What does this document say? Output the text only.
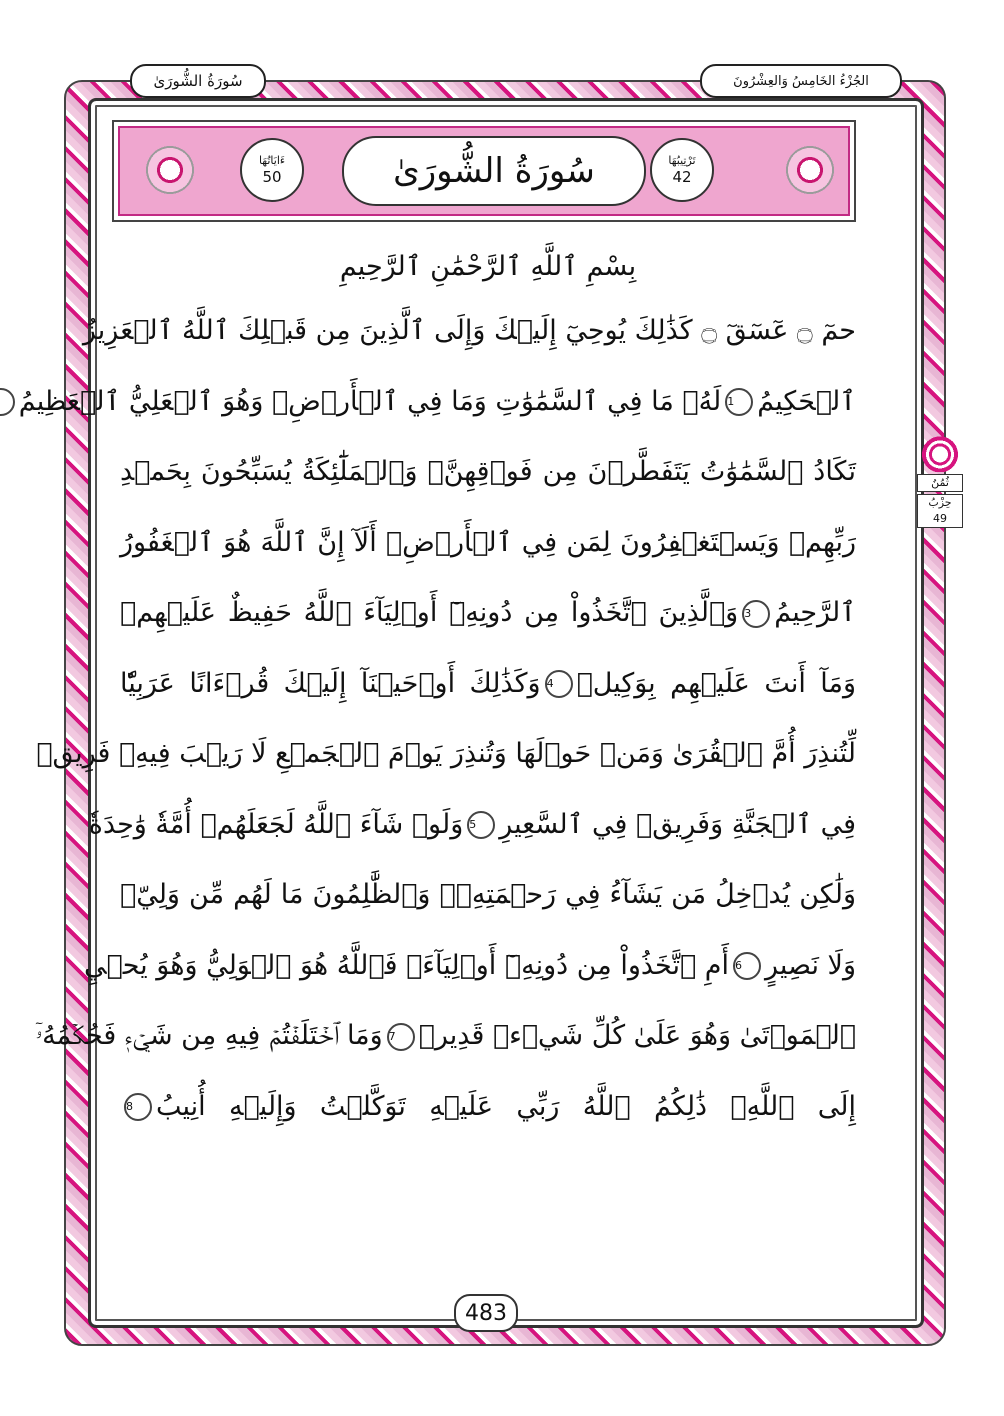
سُورَةُ الشُّورَىٰ	الجُزْءُ الخَامِسُ وَالعِشْرُونَ
ءَايَاتُهَا
50	سُورَةُ الشُّورَىٰ	تَرْتِيبُهَا
42
بِسْمِ ٱللَّهِ ٱلرَّحْمَٰنِ ٱلرَّحِيمِ
حمٓ ۝ عٓسٓقٓ ۝ كَذَٰلِكَ يُوحِيٓ إِلَيۡكَ وَإِلَى ٱلَّذِينَ مِن قَبۡلِكَ ٱللَّهُ ٱلۡعَزِيزُ
ٱلۡحَكِيمُ1لَهُۥ مَا فِي ٱلسَّمَٰوَٰتِ وَمَا فِي ٱلۡأَرۡضِۖ وَهُوَ ٱلۡعَلِيُّ ٱلۡعَظِيمُ
تَكَادُ ٱلسَّمَٰوَٰتُ يَتَفَطَّرۡنَ مِن فَوۡقِهِنَّۚ وَٱلۡمَلَٰٓئِكَةُ يُسَبِّحُونَ بِحَمۡدِ
رَبِّهِمۡ وَيَسۡتَغۡفِرُونَ لِمَن فِي ٱلۡأَرۡضِۗ أَلَآ إِنَّ ٱللَّهَ هُوَ ٱلۡغَفُورُ
ٱلرَّحِيمُ3وَٱلَّذِينَ ٱتَّخَذُواْ مِن دُونِهِۦٓ أَوۡلِيَآءَ ٱللَّهُ حَفِيظٌ عَلَيۡهِمۡ
وَمَآ أَنتَ عَلَيۡهِم بِوَكِيلٖ4وَكَذَٰلِكَ أَوۡحَيۡنَآ إِلَيۡكَ قُرۡءَانًا عَرَبِيّٗا
لِّتُنذِرَ أُمَّ ٱلۡقُرَىٰ وَمَنۡ حَوۡلَهَا وَتُنذِرَ يَوۡمَ ٱلۡجَمۡعِ لَا رَيۡبَ فِيهِۚ فَرِيقٞ
فِي ٱلۡجَنَّةِ وَفَرِيقٞ فِي ٱلسَّعِيرِ5وَلَوۡ شَآءَ ٱللَّهُ لَجَعَلَهُمۡ أُمَّةٗ وَٰحِدَةٗ
وَلَٰكِن يُدۡخِلُ مَن يَشَآءُ فِي رَحۡمَتِهِۦۚ وَٱلظَّٰلِمُونَ مَا لَهُم مِّن وَلِيّٖ
وَلَا نَصِيرٍ6أَمِ ٱتَّخَذُواْ مِن دُونِهِۦٓ أَوۡلِيَآءَۖ فَٱللَّهُ هُوَ ٱلۡوَلِيُّ وَهُوَ يُحۡيِ
ٱلۡمَوۡتَىٰ وَهُوَ عَلَىٰ كُلِّ شَيۡءٖ قَدِيرٞ7وَمَا ٱخۡتَلَفۡتُمۡ فِيهِ مِن شَيۡءٖ فَحُكۡمُهُۥٓ
إِلَى ٱللَّهِۚ ذَٰلِكُمُ ٱللَّهُ رَبِّي عَلَيۡهِ تَوَكَّلۡتُ وَإِلَيۡهِ أُنِيبُ8
ثُمُنُ
حِزْبُ
49
483
